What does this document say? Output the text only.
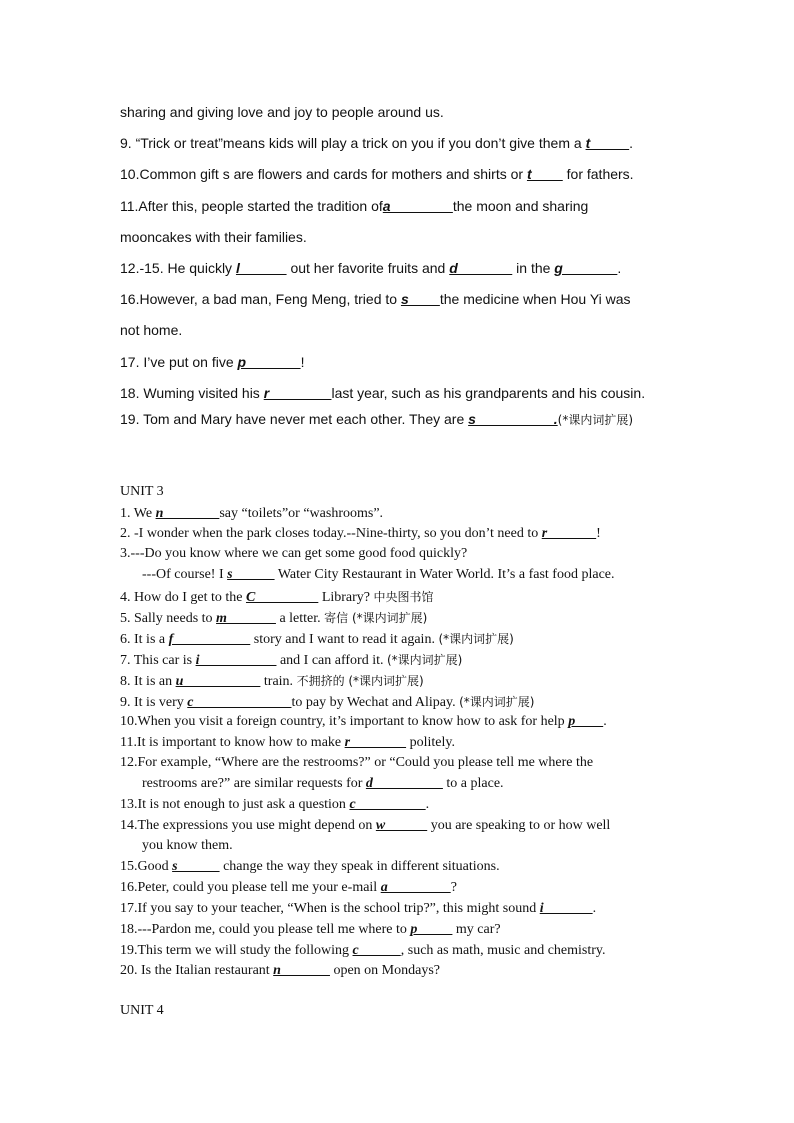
sharing and giving love and joy to people around us.
9. “Trick or treat”means kids will play a trick on you if you don’t give them a t_____.
10.Common gift s are flowers and cards for mothers and shirts or t____ for fathers.
11.After this, people started the tradition ofa________the moon and sharing
mooncakes with their families.
12.-15. He quickly l______ out her favorite fruits and d_______ in the g_______.
16.However, a bad man, Feng Meng, tried to s____the medicine when Hou Yi was
not home.
17. I’ve put on five p_______!
18. Wuming visited his r________last year, such as his grandparents and his cousin.
19. Tom and Mary have never met each other. They are s__________.(*课内词扩展)
UNIT 3
1. We n________say “toilets”or “washrooms”.
2. -I wonder when the park closes today.--Nine-thirty, so you don’t need to r_______!
3.---Do you know where we can get some good food quickly?
---Of course! I s______ Water City Restaurant in Water World. It’s a fast food place.
4. How do I get to the C_________ Library? 中央图书馆
5. Sally needs to m_______ a letter. 寄信 (*课内词扩展)
6. It is a f___________ story and I want to read it again. (*课内词扩展)
7. This car is i___________ and I can afford it. (*课内词扩展)
8. It is an u___________ train. 不拥挤的 (*课内词扩展)
9. It is very c______________to pay by Wechat and Alipay. (*课内词扩展)
10.When you visit a foreign country, it’s important to know how to ask for help p____.
11.It is important to know how to make r________ politely.
12.For example, “Where are the restrooms?” or “Could you please tell me where the
restrooms are?” are similar requests for d__________ to a place.
13.It is not enough to just ask a question c__________.
14.The expressions you use might depend on w______ you are speaking to or how well
you know them.
15.Good s______ change the way they speak in different situations.
16.Peter, could you please tell me your e-mail a_________?
17.If you say to your teacher, “When is the school trip?”, this might sound i_______.
18.---Pardon me, could you please tell me where to p_____ my car?
19.This term we will study the following c______, such as math, music and chemistry.
20. Is the Italian restaurant n_______ open on Mondays?
UNIT 4
